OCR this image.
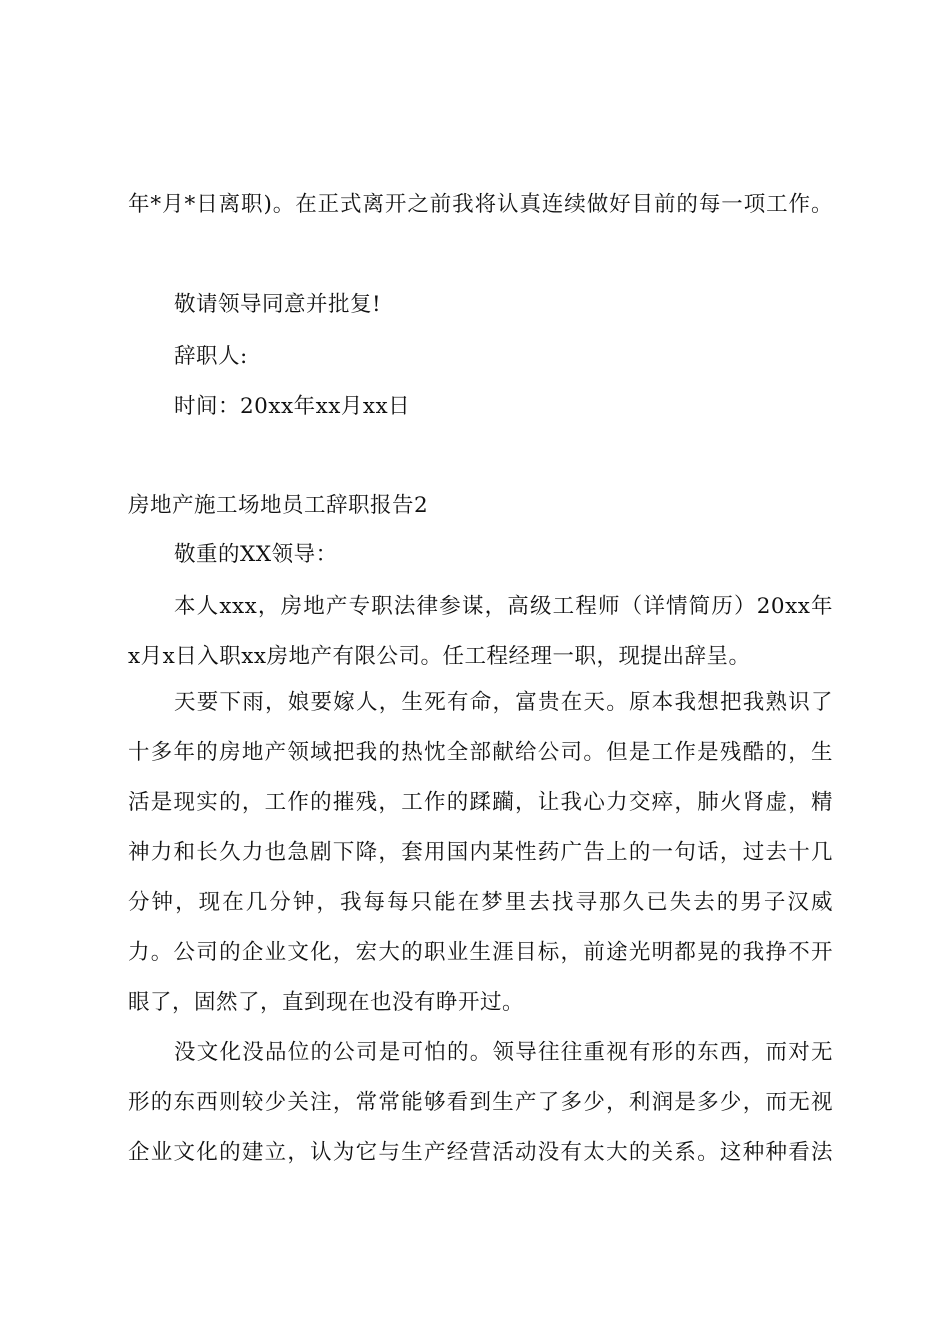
年*月*日离职)。在正式离开之前我将认真连续做好目前的每一项工作。
敬请领导同意并批复!
辞职人:
时间：20xx年xx月xx日
房地产施工场地员工辞职报告2
敬重的XX领导：
本人xxx，房地产专职法律参谋，高级工程师（详情简历）20xx年
x月x日入职xx房地产有限公司。任工程经理一职，现提出辞呈。
天要下雨，娘要嫁人，生死有命，富贵在天。原本我想把我熟识了
十多年的房地产领域把我的热忱全部献给公司。但是工作是残酷的，生
活是现实的，工作的摧残，工作的蹂躏，让我心力交瘁，肺火肾虚，精
神力和长久力也急剧下降，套用国内某性药广告上的一句话，过去十几
分钟，现在几分钟，我每每只能在梦里去找寻那久已失去的男子汉威
力。公司的企业文化，宏大的职业生涯目标，前途光明都晃的我挣不开
眼了，固然了，直到现在也没有睁开过。
没文化没品位的公司是可怕的。领导往往重视有形的东西，而对无
形的东西则较少关注，常常能够看到生产了多少，利润是多少，而无视
企业文化的建立，认为它与生产经营活动没有太大的关系。这种种看法
